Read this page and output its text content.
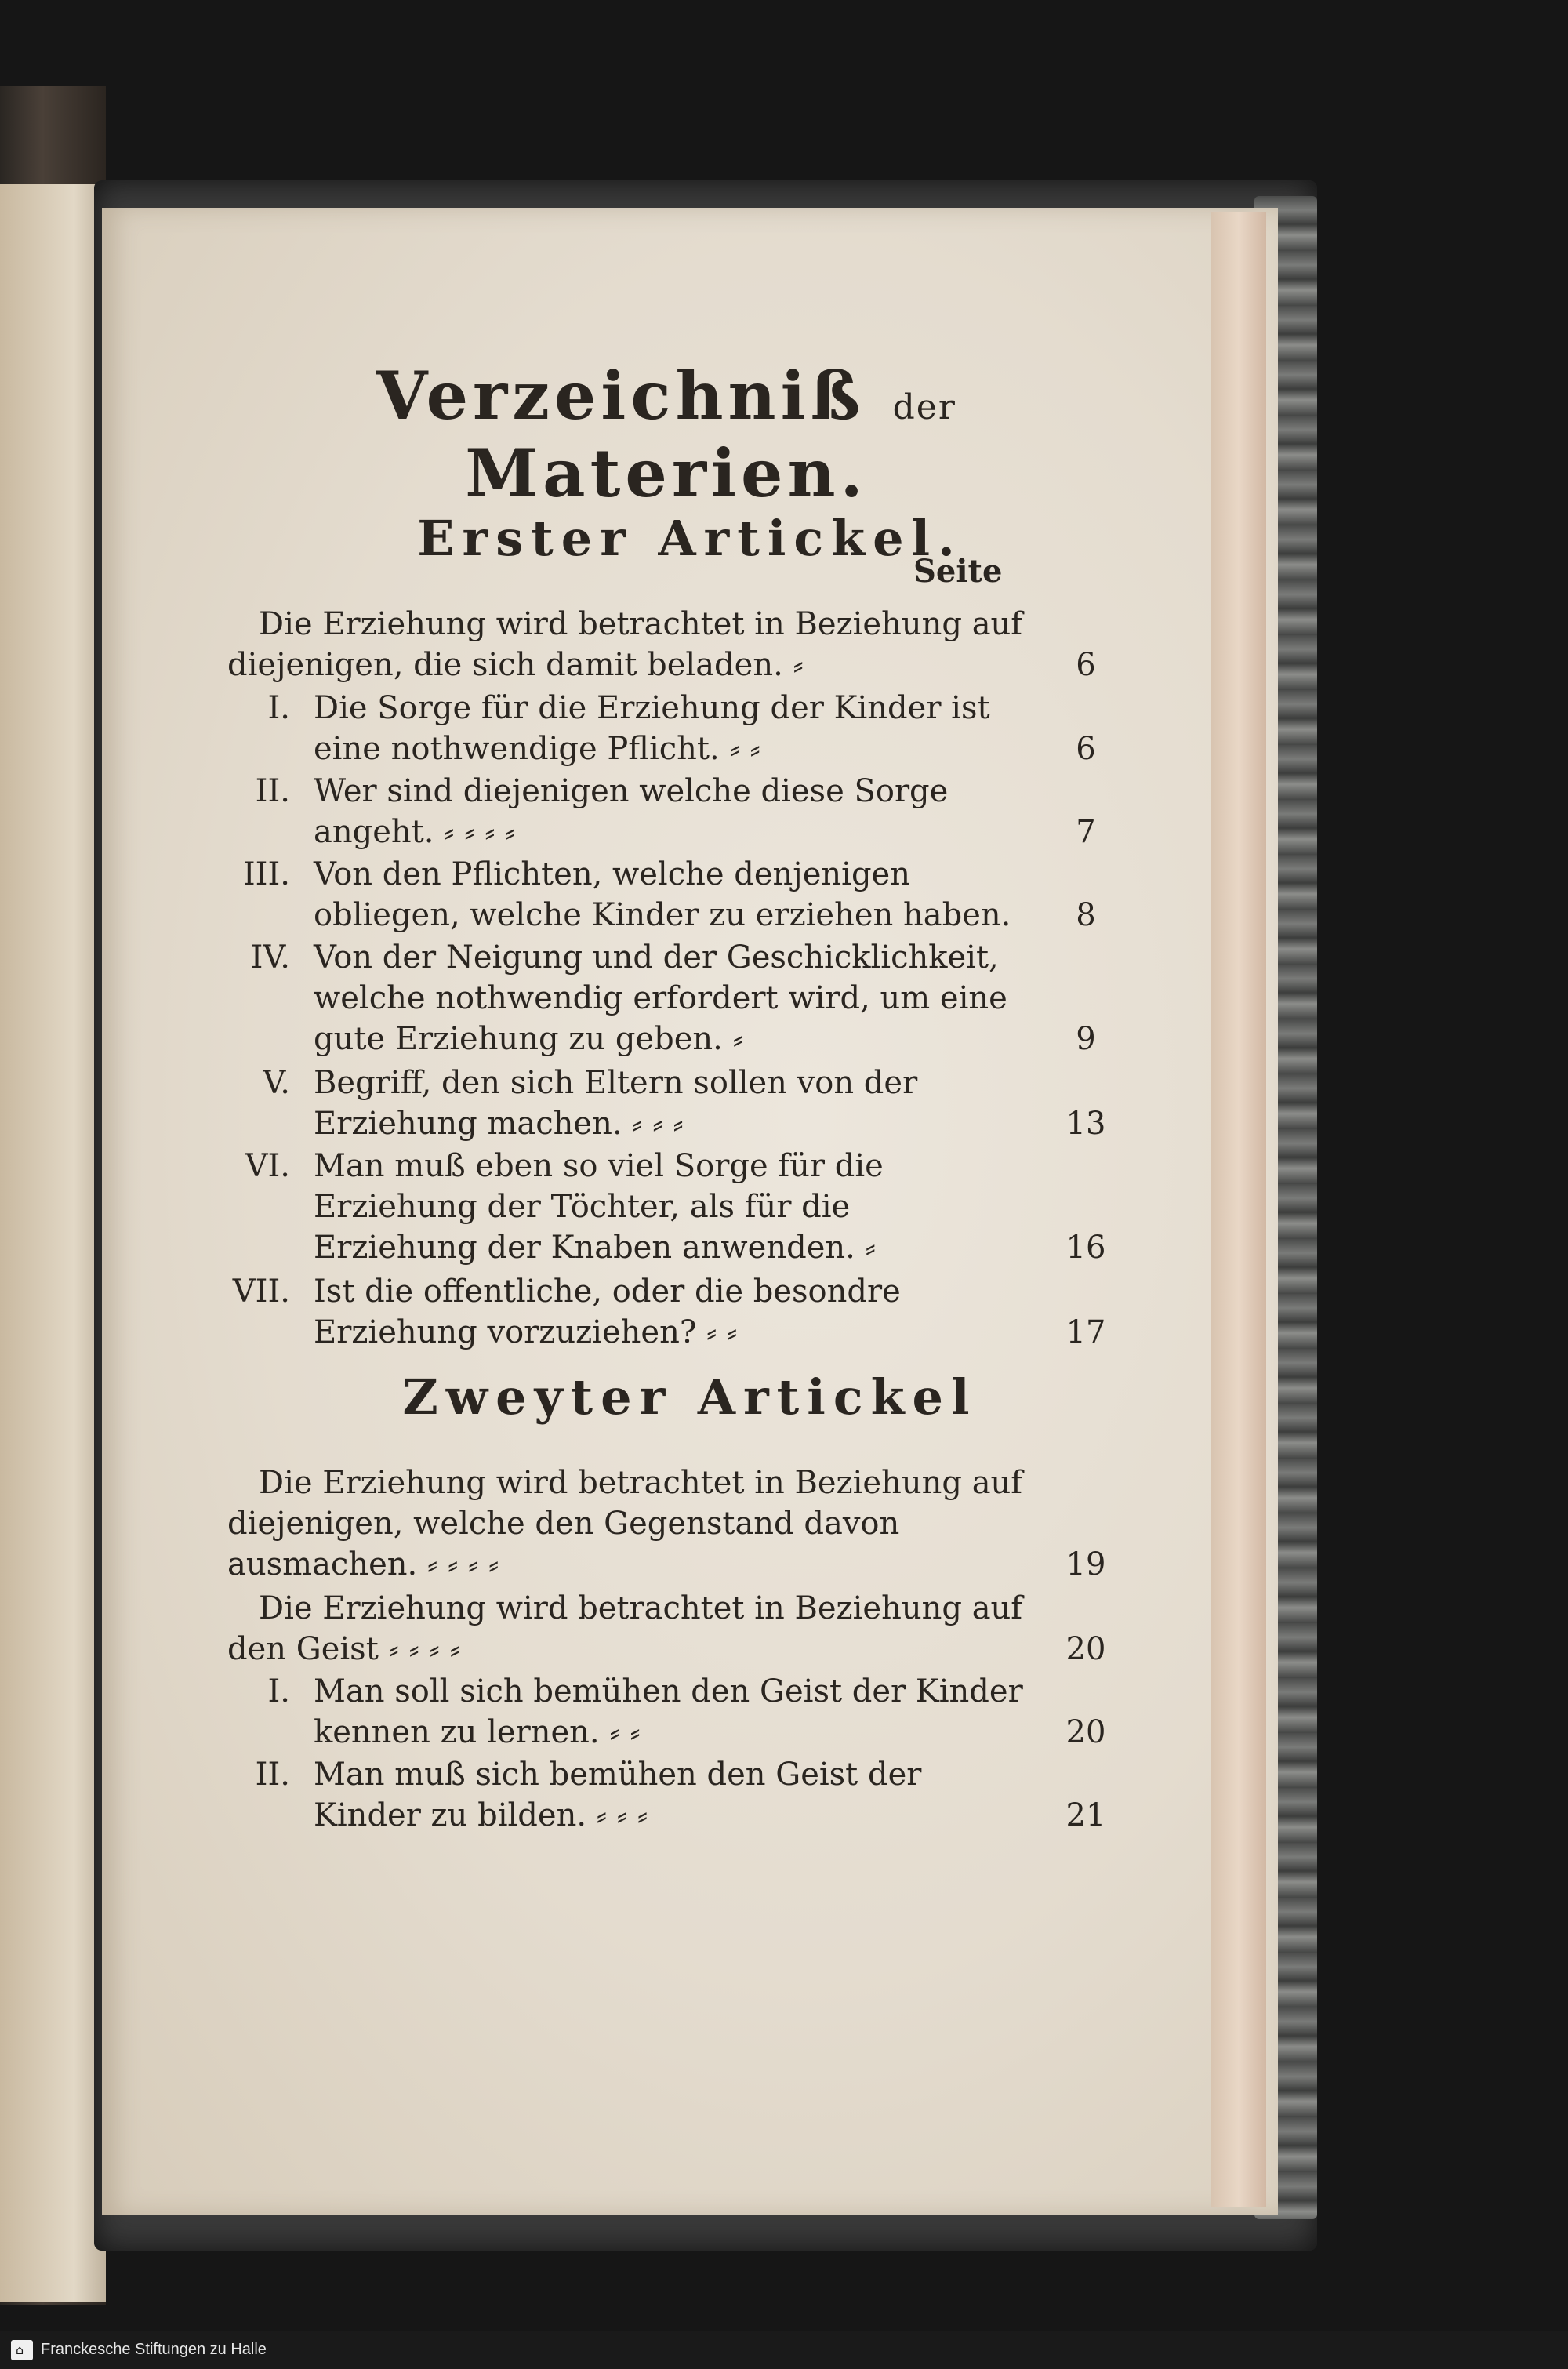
Verzeichniß der Materien.
Erster Artickel.
Seite
Die Erziehung wird betrachtet in Beziehung auf diejenigen, die sich damit beladen. ⸗	6
I. Die Sorge für die Erziehung der Kinder ist eine nothwendige Pflicht. ⸗ ⸗	6
II. Wer sind diejenigen welche diese Sorge angeht. ⸗ ⸗ ⸗ ⸗	7
III. Von den Pflichten, welche denjenigen obliegen, welche Kinder zu erziehen haben.	8
IV. Von der Neigung und der Geschicklichkeit, welche nothwendig erfordert wird, um eine gute Erziehung zu geben. ⸗	9
V. Begriff, den sich Eltern sollen von der Erziehung machen. ⸗ ⸗ ⸗	13
VI. Man muß eben so viel Sorge für die Erziehung der Töchter, als für die Erziehung der Knaben anwenden. ⸗	16
VII. Ist die offentliche, oder die besondre Erziehung vorzuziehen? ⸗ ⸗	17
Zweyter Artickel
Die Erziehung wird betrachtet in Beziehung auf diejenigen, welche den Gegenstand davon ausmachen. ⸗ ⸗ ⸗ ⸗	19
Die Erziehung wird betrachtet in Beziehung auf den Geist ⸗ ⸗ ⸗ ⸗	20
I. Man soll sich bemühen den Geist der Kinder kennen zu lernen. ⸗ ⸗	20
II. Man muß sich bemühen den Geist der Kinder zu bilden. ⸗ ⸗ ⸗	21
⌂ Franckesche Stiftungen zu Halle
